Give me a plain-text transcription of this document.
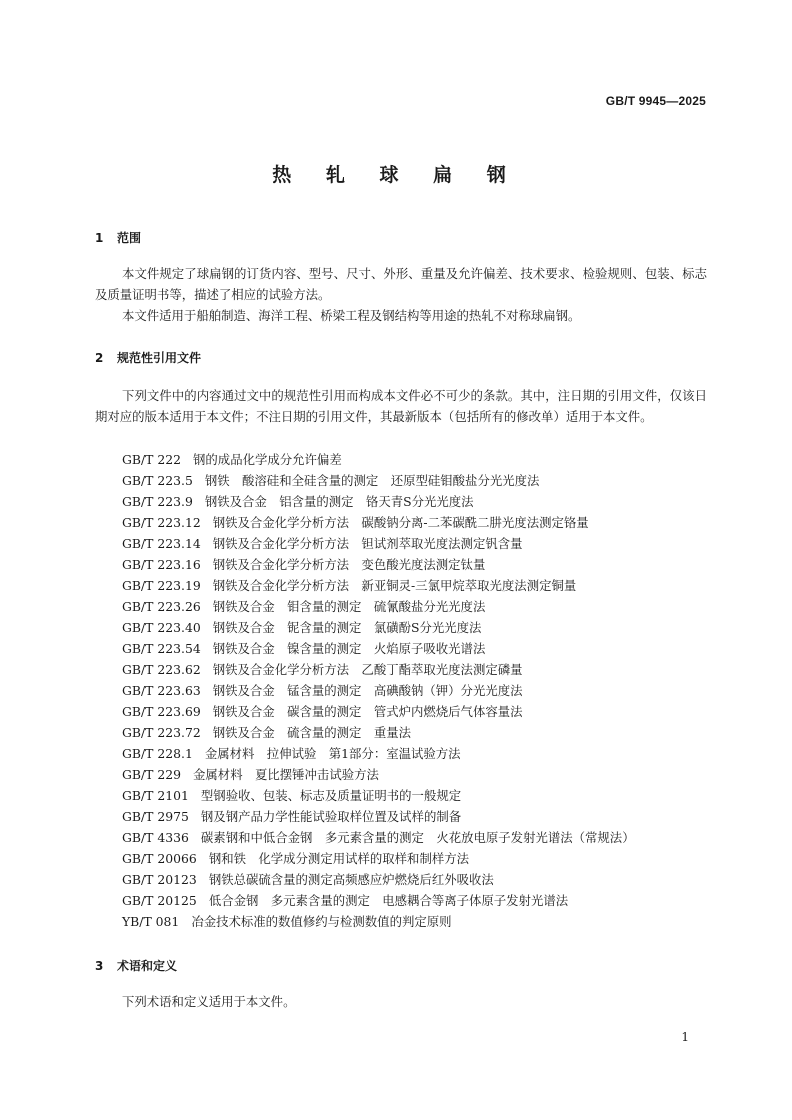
GB/T 9945—2025
热 轧 球 扁 钢
1 范围
本文件规定了球扁钢的订货内容、型号、尺寸、外形、重量及允许偏差、技术要求、检验规则、包装、标志及质量证明书等，描述了相应的试验方法。
本文件适用于船舶制造、海洋工程、桥梁工程及钢结构等用途的热轧不对称球扁钢。
2 规范性引用文件
下列文件中的内容通过文中的规范性引用而构成本文件必不可少的条款。其中，注日期的引用文件，仅该日期对应的版本适用于本文件；不注日期的引用文件，其最新版本（包括所有的修改单）适用于本文件。
GB/T 222 钢的成品化学成分允许偏差
GB/T 223.5 钢铁　酸溶硅和全硅含量的测定　还原型硅钼酸盐分光光度法
GB/T 223.9 钢铁及合金　铝含量的测定　铬天青S分光光度法
GB/T 223.12 钢铁及合金化学分析方法　碳酸钠分离-二苯碳酰二肼光度法测定铬量
GB/T 223.14 钢铁及合金化学分析方法　钽试剂萃取光度法测定钒含量
GB/T 223.16 钢铁及合金化学分析方法　变色酸光度法测定钛量
GB/T 223.19 钢铁及合金化学分析方法　新亚铜灵-三氯甲烷萃取光度法测定铜量
GB/T 223.26 钢铁及合金　钼含量的测定　硫氰酸盐分光光度法
GB/T 223.40 钢铁及合金　铌含量的测定　氯磺酚S分光光度法
GB/T 223.54 钢铁及合金　镍含量的测定　火焰原子吸收光谱法
GB/T 223.62 钢铁及合金化学分析方法　乙酸丁酯萃取光度法测定磷量
GB/T 223.63 钢铁及合金　锰含量的测定　高碘酸钠（钾）分光光度法
GB/T 223.69 钢铁及合金　碳含量的测定　管式炉内燃烧后气体容量法
GB/T 223.72 钢铁及合金　硫含量的测定　重量法
GB/T 228.1 金属材料　拉伸试验　第1部分：室温试验方法
GB/T 229 金属材料　夏比摆锤冲击试验方法
GB/T 2101 型钢验收、包装、标志及质量证明书的一般规定
GB/T 2975 钢及钢产品力学性能试验取样位置及试样的制备
GB/T 4336 碳素钢和中低合金钢　多元素含量的测定　火花放电原子发射光谱法（常规法）
GB/T 20066 钢和铁　化学成分测定用试样的取样和制样方法
GB/T 20123 钢铁总碳硫含量的测定高频感应炉燃烧后红外吸收法
GB/T 20125 低合金钢　多元素含量的测定　电感耦合等离子体原子发射光谱法
YB/T 081 冶金技术标准的数值修约与检测数值的判定原则
3 术语和定义
下列术语和定义适用于本文件。
1
